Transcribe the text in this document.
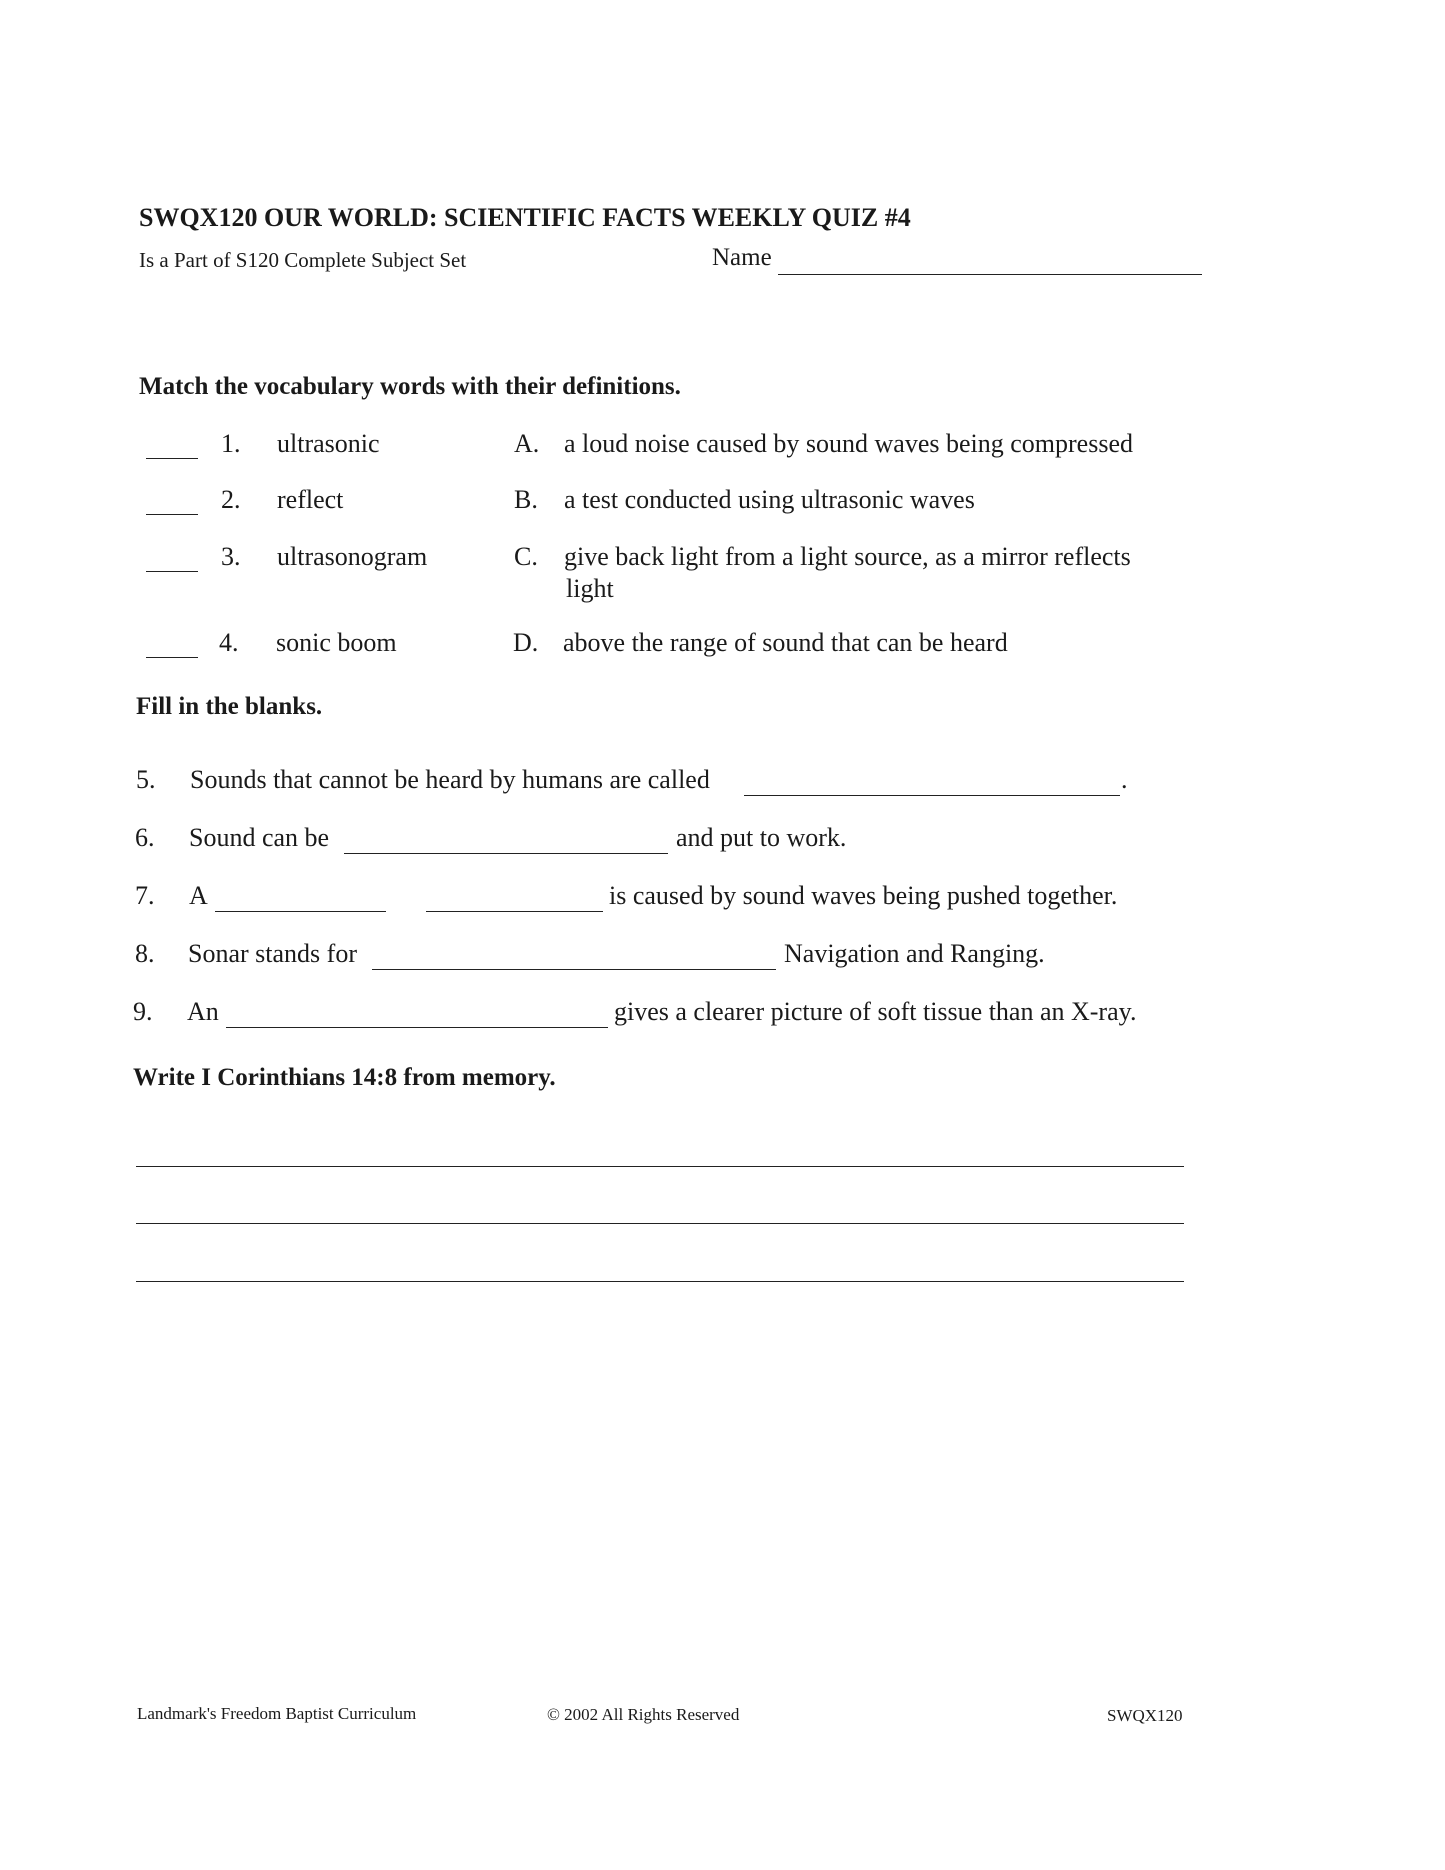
SWQX120 OUR WORLD: SCIENTIFIC FACTS WEEKLY QUIZ #4
Is a Part of S120 Complete Subject Set	Name
Match the vocabulary words with their definitions.
1. ultrasonic	A. a loud noise caused by sound waves being compressed
2. reflect	B. a test conducted using ultrasonic waves
3. ultrasonogram	C. give back light from a light source, as a mirror reflects
light
4. sonic boom	D. above the range of sound that can be heard
Fill in the blanks.
5. Sounds that cannot be heard by humans are called	.
6. Sound can be	and put to work.
7. A	is caused by sound waves being pushed together.
8. Sonar stands for	Navigation and Ranging.
9. An	gives a clearer picture of soft tissue than an X-ray.
Write I Corinthians 14:8 from memory.
Landmark's Freedom Baptist Curriculum	© 2002 All Rights Reserved	SWQX120
